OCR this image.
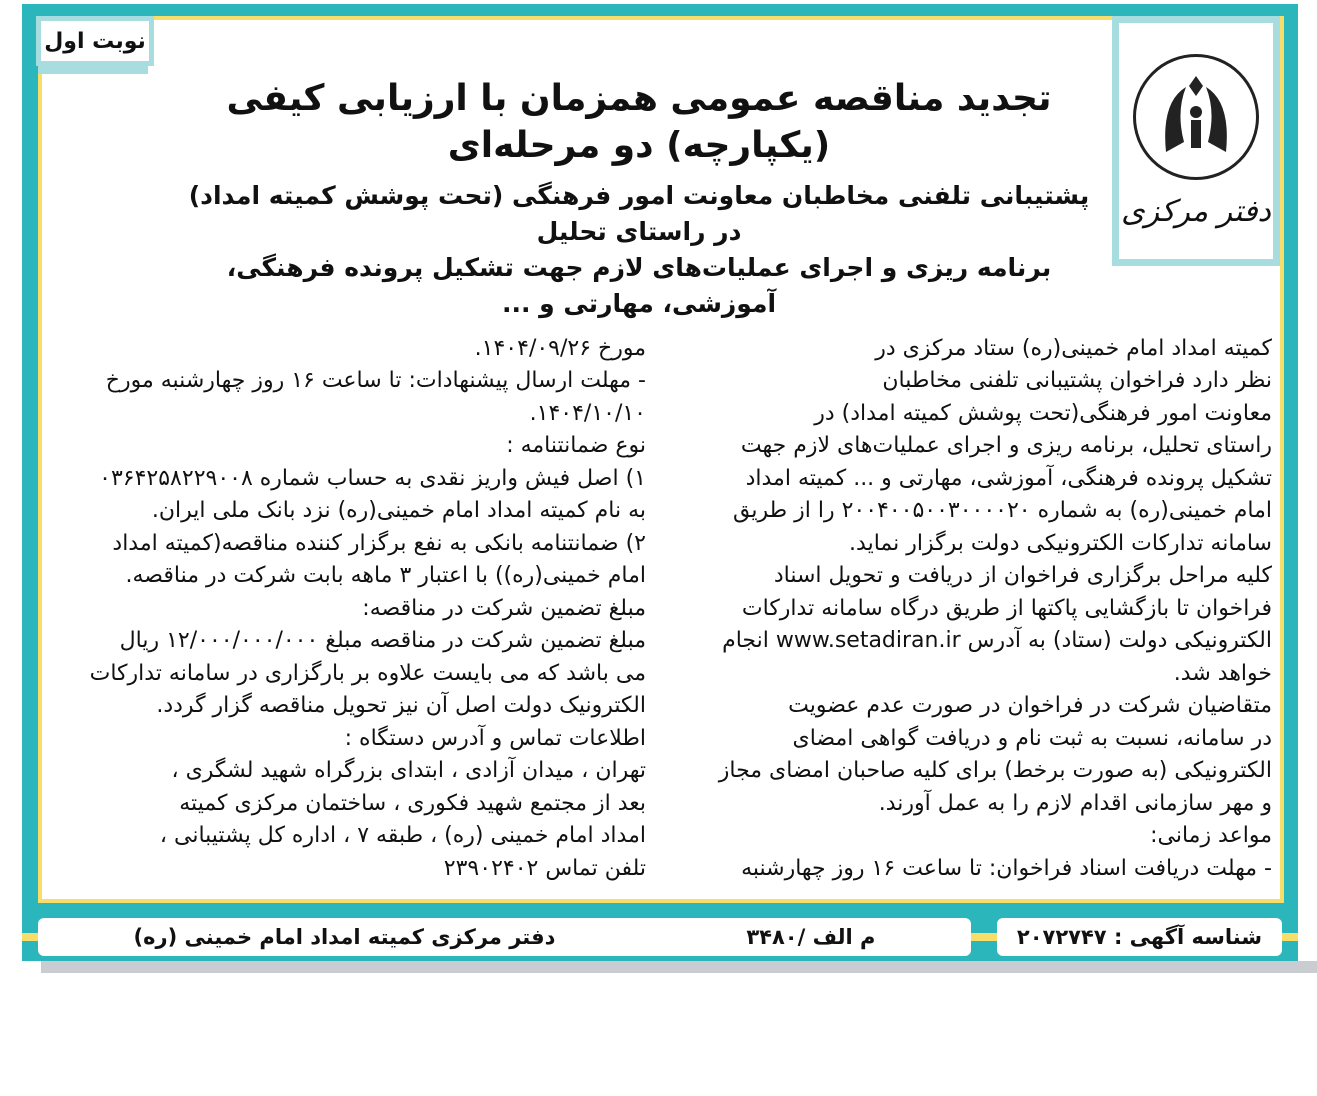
نوبت اول
دفتر مرکزی
تجدید مناقصه عمومی همزمان با ارزیابی کیفی (یکپارچه) دو مرحله‌ای
پشتیبانی تلفنی مخاطبان معاونت امور فرهنگی (تحت پوشش کمیته امداد) در راستای تحلیل
برنامه ریزی و اجرای عملیات‌های لازم جهت تشکیل پرونده فرهنگی، آموزشی، مهارتی و ...
کمیته امداد امام خمینی(ره) ستاد مرکزی در
نظر دارد فراخوان پشتیبانی تلفنی مخاطبان
معاونت امور فرهنگی(تحت پوشش کمیته امداد) در
راستای تحلیل، برنامه ریزی و اجرای عملیات‌های لازم جهت
تشکیل پرونده فرهنگی، آموزشی، مهارتی و ... کمیته امداد
امام خمینی(ره) به شماره ۲۰۰۴۰۰۵۰۰۳۰۰۰۰۲۰ را از طریق
سامانه تدارکات الکترونیکی دولت برگزار نماید.
کلیه مراحل برگزاری فراخوان از دریافت و تحویل اسناد
فراخوان تا بازگشایی پاکتها از طریق درگاه سامانه تدارکات
الکترونیکی دولت (ستاد) به آدرس www.setadiran.ir انجام
خواهد شد.
متقاضیان شرکت در فراخوان در صورت عدم عضویت
در سامانه، نسبت به ثبت نام و دریافت گواهی امضای
الکترونیکی (به صورت برخط) برای کلیه صاحبان امضای مجاز
و مهر سازمانی اقدام لازم را به عمل آورند.
مواعد زمانی:
- مهلت دریافت اسناد فراخوان: تا ساعت ۱۶ روز چهارشنبه
مورخ ۱۴۰۴/۰۹/۲۶.
- مهلت ارسال پیشنهادات: تا ساعت ۱۶ روز چهارشنبه مورخ
۱۴۰۴/۱۰/۱۰.
نوع ضمانتنامه :
۱) اصل فیش واریز نقدی به حساب شماره ۰۳۶۴۲۵۸۲۲۹۰۰۸
به نام کمیته امداد امام خمینی(ره) نزد بانک ملی ایران.
۲) ضمانتنامه بانکی به نفع برگزار کننده مناقصه(کمیته امداد
امام خمینی(ره)) با اعتبار ۳ ماهه بابت شرکت در مناقصه.
مبلغ تضمین شرکت در مناقصه:
مبلغ تضمین شرکت در مناقصه مبلغ ۱۲/۰۰۰/۰۰۰/۰۰۰ ریال
می باشد که می بایست علاوه بر بارگزاری در سامانه تدارکات
الکترونیک دولت اصل آن نیز تحویل مناقصه گزار گردد.
اطلاعات تماس و آدرس دستگاه :
تهران ، میدان آزادی ، ابتدای بزرگراه شهید لشگری ،
بعد از مجتمع شهید فکوری ، ساختمان مرکزی کمیته
امداد امام خمینی (ره) ، طبقه ۷ ، اداره کل پشتیبانی ،
تلفن تماس ۲۳۹۰۲۴۰۲
شناسه آگهی : ۲۰۷۲۷۴۷
م الف /۳۴۸۰
دفتر مرکزی کمیته امداد امام خمینی (ره)
